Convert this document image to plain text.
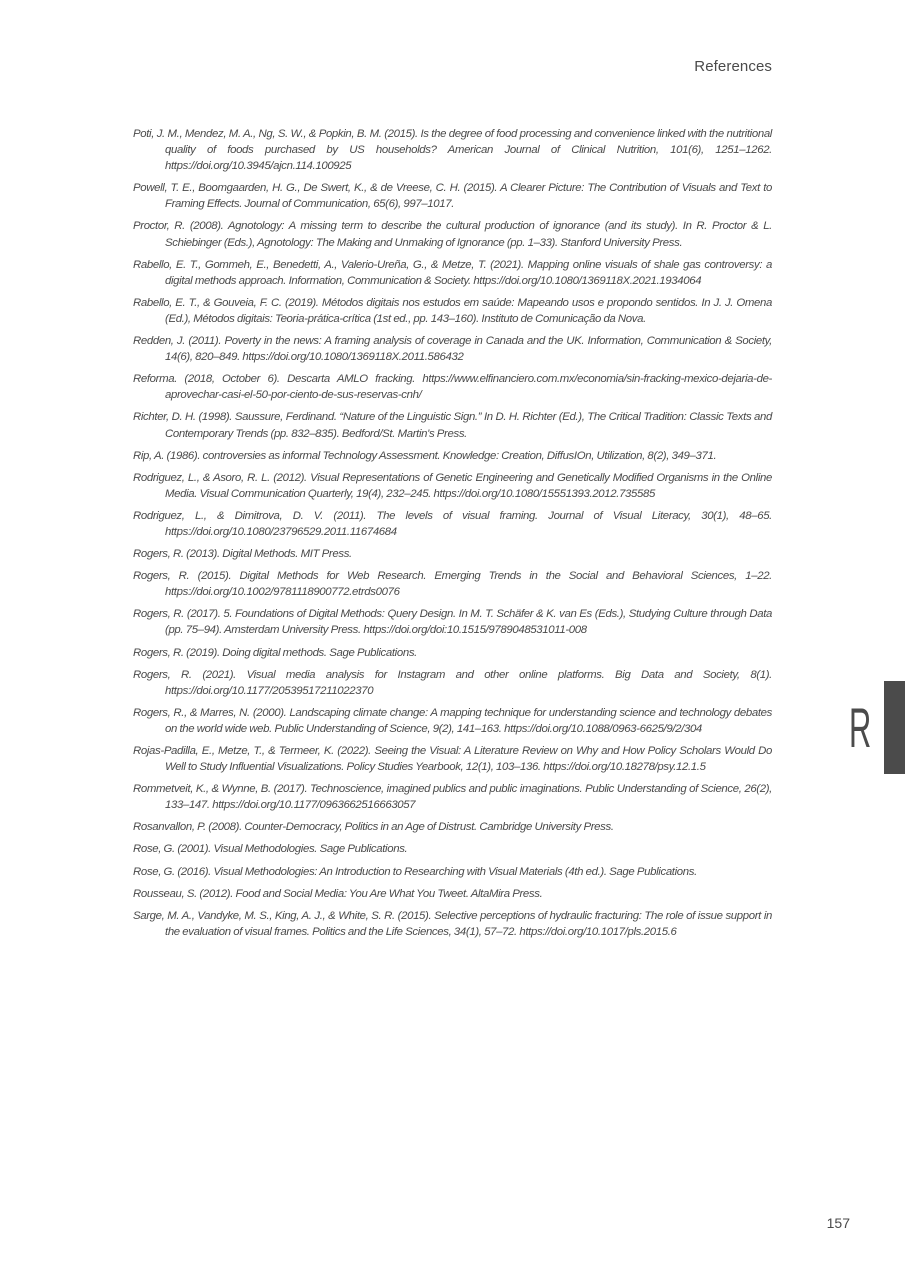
References
Poti, J. M., Mendez, M. A., Ng, S. W., & Popkin, B. M. (2015). Is the degree of food processing and convenience linked with the nutritional quality of foods purchased by US households? American Journal of Clinical Nutrition, 101(6), 1251–1262. https://doi.org/10.3945/ajcn.114.100925
Powell, T. E., Boomgaarden, H. G., De Swert, K., & de Vreese, C. H. (2015). A Clearer Picture: The Contribution of Visuals and Text to Framing Effects. Journal of Communication, 65(6), 997–1017.
Proctor, R. (2008). Agnotology: A missing term to describe the cultural production of ignorance (and its study). In R. Proctor & L. Schiebinger (Eds.), Agnotology: The Making and Unmaking of Ignorance (pp. 1–33). Stanford University Press.
Rabello, E. T., Gommeh, E., Benedetti, A., Valerio-Ureña, G., & Metze, T. (2021). Mapping online visuals of shale gas controversy: a digital methods approach. Information, Communication & Society. https://doi.org/10.1080/1369118X.2021.1934064
Rabello, E. T., & Gouveia, F. C. (2019). Métodos digitais nos estudos em saúde: Mapeando usos e propondo sentidos. In J. J. Omena (Ed.), Métodos digitais: Teoria-prática-crítica (1st ed., pp. 143–160). Instituto de Comunicação da Nova.
Redden, J. (2011). Poverty in the news: A framing analysis of coverage in Canada and the UK. Information, Communication & Society, 14(6), 820–849. https://doi.org/10.1080/1369118X.2011.586432
Reforma. (2018, October 6). Descarta AMLO fracking. https://www.elfinanciero.com.mx/economia/sin-fracking-mexico-dejaria-de-aprovechar-casi-el-50-por-ciento-de-sus-reservas-cnh/
Richter, D. H. (1998). Saussure, Ferdinand. “Nature of the Linguistic Sign.” In D. H. Richter (Ed.), The Critical Tradition: Classic Texts and Contemporary Trends (pp. 832–835). Bedford/St. Martin's Press.
Rip, A. (1986). controversies as informal Technology Assessment. Knowledge: Creation, DiffusIOn, Utilization, 8(2), 349–371.
Rodriguez, L., & Asoro, R. L. (2012). Visual Representations of Genetic Engineering and Genetically Modified Organisms in the Online Media. Visual Communication Quarterly, 19(4), 232–245. https://doi.org/10.1080/15551393.2012.735585
Rodriguez, L., & Dimitrova, D. V. (2011). The levels of visual framing. Journal of Visual Literacy, 30(1), 48–65. https://doi.org/10.1080/23796529.2011.11674684
Rogers, R. (2013). Digital Methods. MIT Press.
Rogers, R. (2015). Digital Methods for Web Research. Emerging Trends in the Social and Behavioral Sciences, 1–22. https://doi.org/10.1002/9781118900772.etrds0076
Rogers, R. (2017). 5. Foundations of Digital Methods: Query Design. In M. T. Schäfer & K. van Es (Eds.), Studying Culture through Data (pp. 75–94). Amsterdam University Press. https://doi.org/doi:10.1515/9789048531011-008
Rogers, R. (2019). Doing digital methods. Sage Publications.
Rogers, R. (2021). Visual media analysis for Instagram and other online platforms. Big Data and Society, 8(1). https://doi.org/10.1177/20539517211022370
Rogers, R., & Marres, N. (2000). Landscaping climate change: A mapping technique for understanding science and technology debates on the world wide web. Public Understanding of Science, 9(2), 141–163. https://doi.org/10.1088/0963-6625/9/2/304
Rojas-Padilla, E., Metze, T., & Termeer, K. (2022). Seeing the Visual: A Literature Review on Why and How Policy Scholars Would Do Well to Study Influential Visualizations. Policy Studies Yearbook, 12(1), 103–136. https://doi.org/10.18278/psy.12.1.5
Rommetveit, K., & Wynne, B. (2017). Technoscience, imagined publics and public imaginations. Public Understanding of Science, 26(2), 133–147. https://doi.org/10.1177/0963662516663057
Rosanvallon, P. (2008). Counter-Democracy, Politics in an Age of Distrust. Cambridge University Press.
Rose, G. (2001). Visual Methodologies. Sage Publications.
Rose, G. (2016). Visual Methodologies: An Introduction to Researching with Visual Materials (4th ed.). Sage Publications.
Rousseau, S. (2012). Food and Social Media: You Are What You Tweet. AltaMira Press.
Sarge, M. A., Vandyke, M. S., King, A. J., & White, S. R. (2015). Selective perceptions of hydraulic fracturing: The role of issue support in the evaluation of visual frames. Politics and the Life Sciences, 34(1), 57–72. https://doi.org/10.1017/pls.2015.6
R
157
